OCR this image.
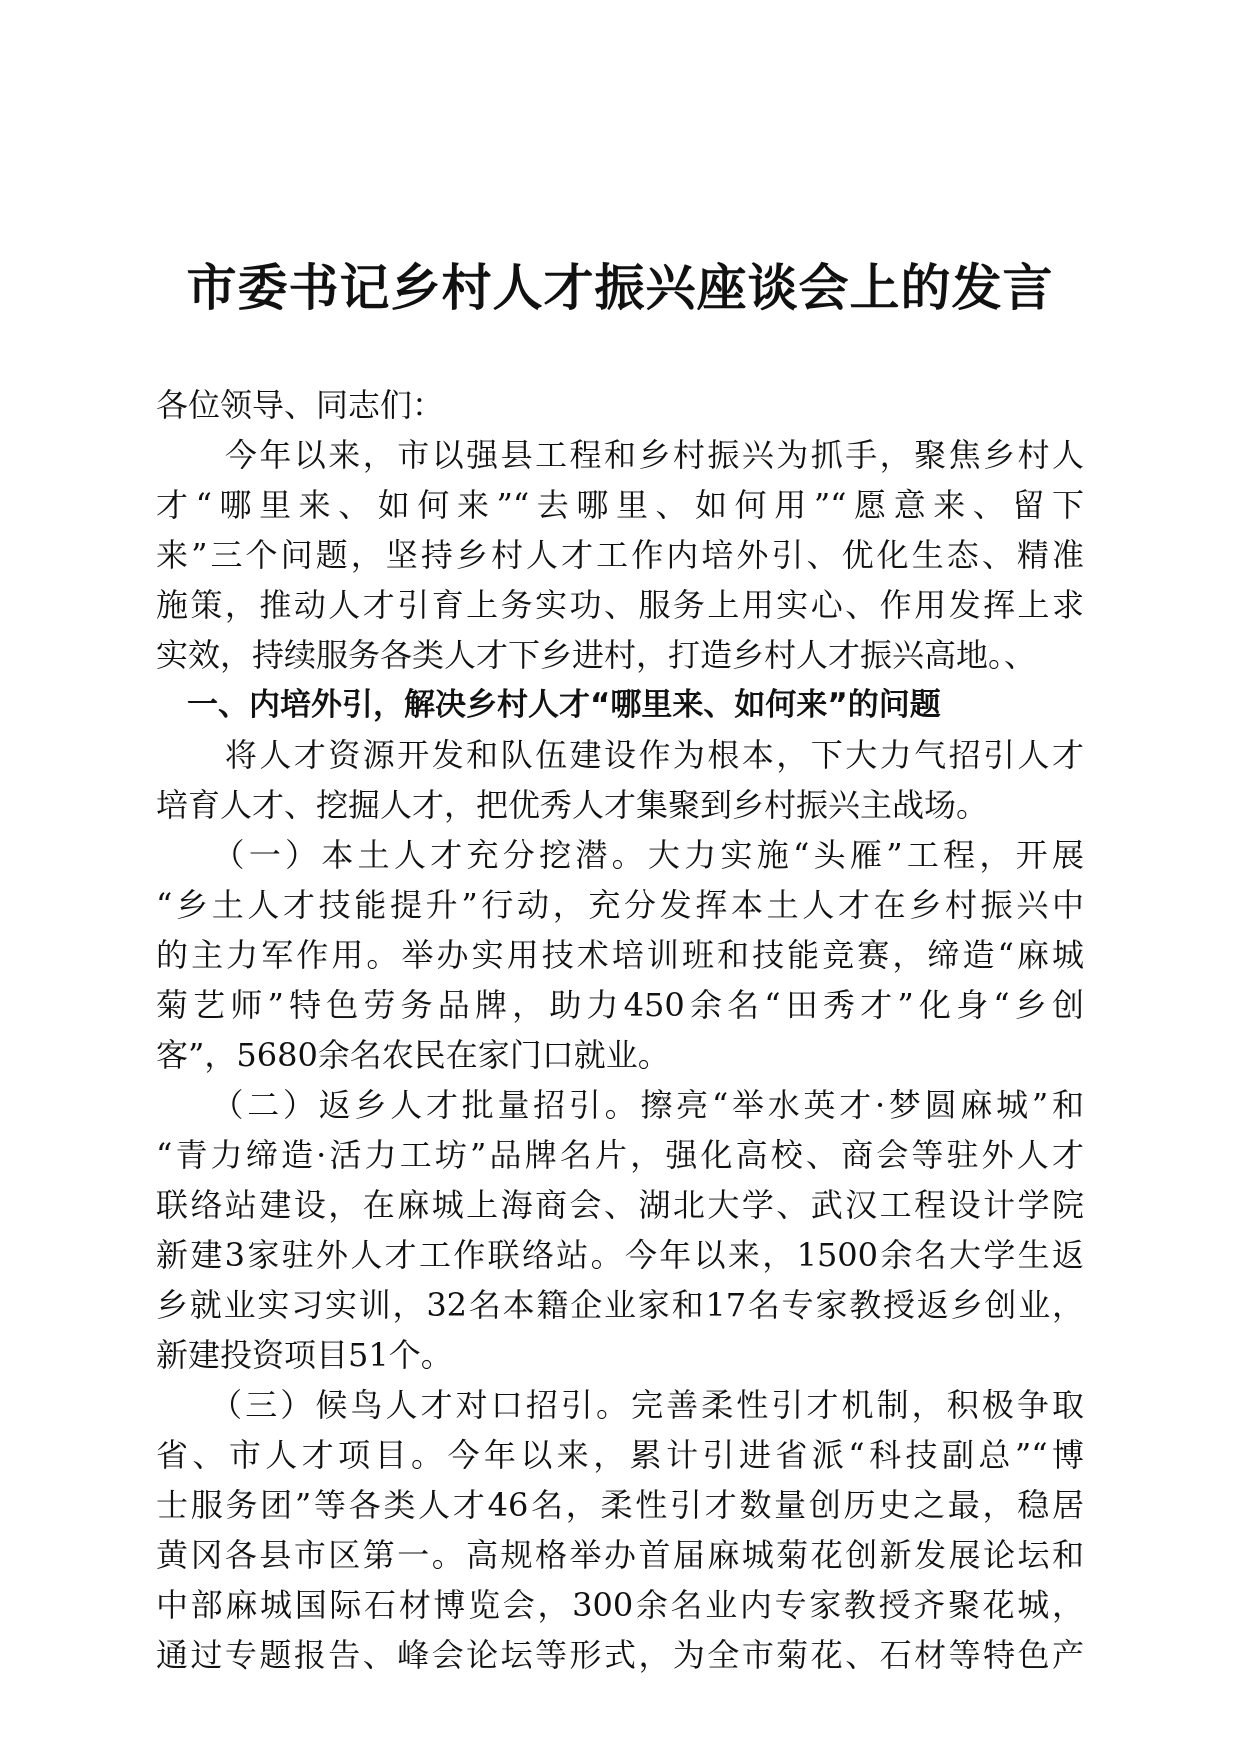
市委书记乡村人才振兴座谈会上的发言
各位领导、同志们：
　　今年以来，市以强县工程和乡村振兴为抓手，聚焦乡村人
才“哪里来、如何来”“去哪里、如何用”“愿意来、留下
来”三个问题，坚持乡村人才工作内培外引、优化生态、精准
施策，推动人才引育上务实功、服务上用实心、作用发挥上求
实效，持续服务各类人才下乡进村，打造乡村人才振兴高地。、
　一、内培外引，解决乡村人才“哪里来、如何来”的问题
　　将人才资源开发和队伍建设作为根本，下大力气招引人才
培育人才、挖掘人才，把优秀人才集聚到乡村振兴主战场。
　　（一）本土人才充分挖潜。大力实施“头雁”工程，开展
“乡土人才技能提升”行动，充分发挥本土人才在乡村振兴中
的主力军作用。举办实用技术培训班和技能竞赛，缔造“麻城
菊艺师”特色劳务品牌，助力450余名“田秀才”化身“乡创
客”，5680余名农民在家门口就业。
　　（二）返乡人才批量招引。擦亮“举水英才·梦圆麻城”和
“青力缔造·活力工坊”品牌名片，强化高校、商会等驻外人才
联络站建设，在麻城上海商会、湖北大学、武汉工程设计学院
新建3家驻外人才工作联络站。今年以来，1500余名大学生返
乡就业实习实训，32名本籍企业家和17名专家教授返乡创业，
新建投资项目51个。
　　（三）候鸟人才对口招引。完善柔性引才机制，积极争取
省、市人才项目。今年以来，累计引进省派“科技副总”“博
士服务团”等各类人才46名，柔性引才数量创历史之最，稳居
黄冈各县市区第一。高规格举办首届麻城菊花创新发展论坛和
中部麻城国际石材博览会，300余名业内专家教授齐聚花城，
通过专题报告、峰会论坛等形式，为全市菊花、石材等特色产
